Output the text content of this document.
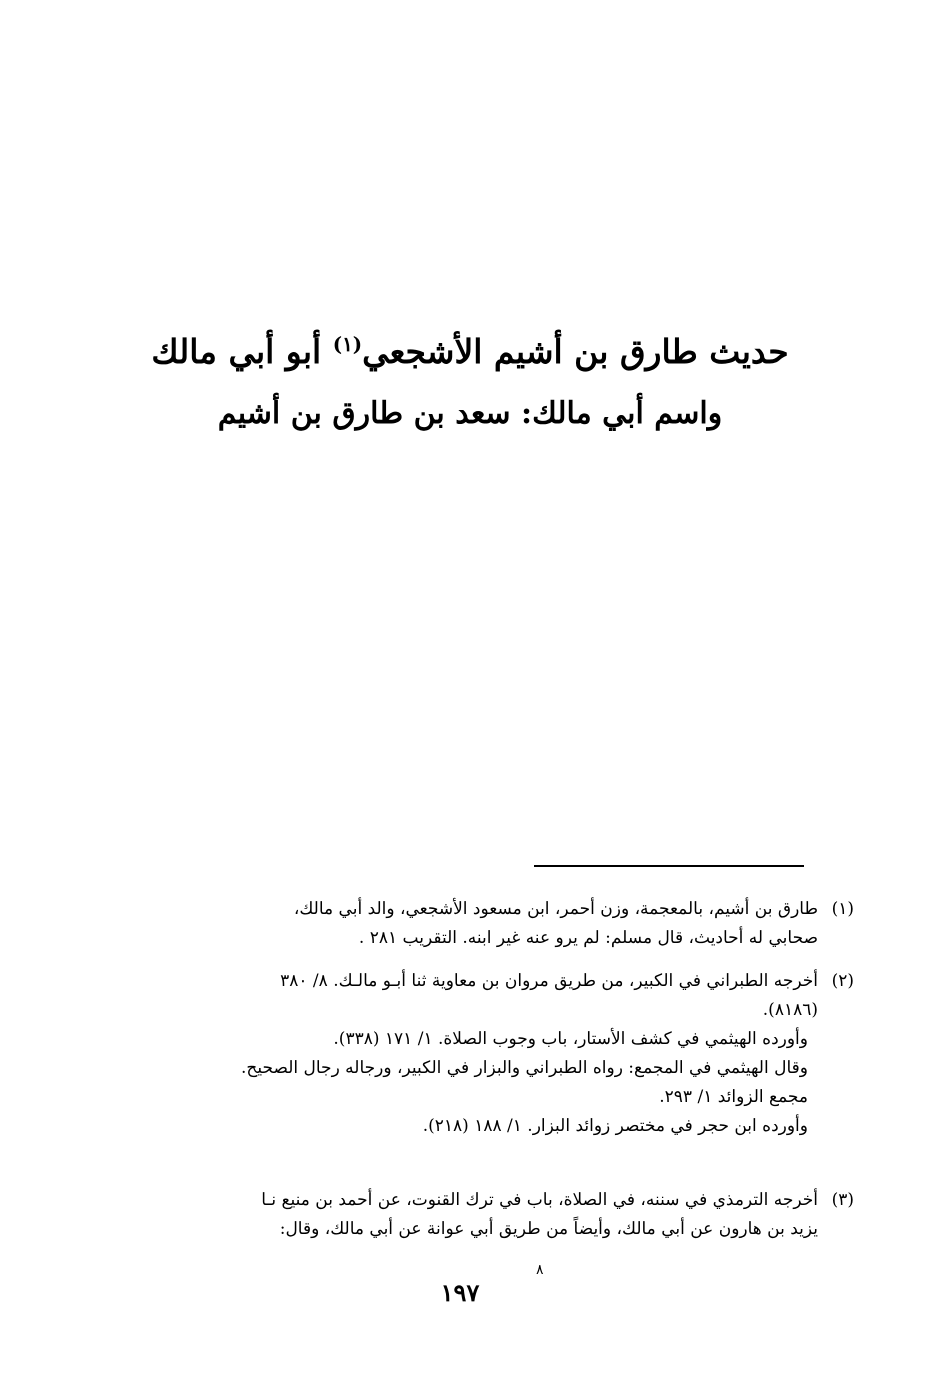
حديث طارق بن أشيم الأشجعي$^{(١)}$ أبو أبي مالك
واسم أبي مالك: سعد بن طارق بن أشيم
(١)
طارق بن أشيم، بالمعجمة، وزن أحمر، ابن مسعود الأشجعي، والد أبي مالك،
صحابي له أحاديث، قال مسلم: لم يرو عنه غير ابنه. التقريب ٢٨١ .
(٢)
أخرجه الطبراني في الكبير، من طريق مروان بن معاوية ثنا أبـو مالـك. ٨/ ٣٨٠
(٨١٨٦).
وأورده الهيثمي في كشف الأستار، باب وجوب الصلاة. ١/ ١٧١ (٣٣٨).
وقال الهيثمي في المجمع: رواه الطبراني والبزار في الكبير، ورجاله رجال الصحيح.
مجمع الزوائد ١/ ٢٩٣.
وأورده ابن حجر في مختصر زوائد البزار. ١/ ١٨٨ (٢١٨).
(٣)
أخرجه الترمذي في سننه، في الصلاة، باب في ترك القنوت، عن أحمد بن منيع نـا
يزيد بن هارون عن أبي مالك، وأيضاً من طريق أبي عوانة عن أبي مالك، وقال:
٨
١٩٧
